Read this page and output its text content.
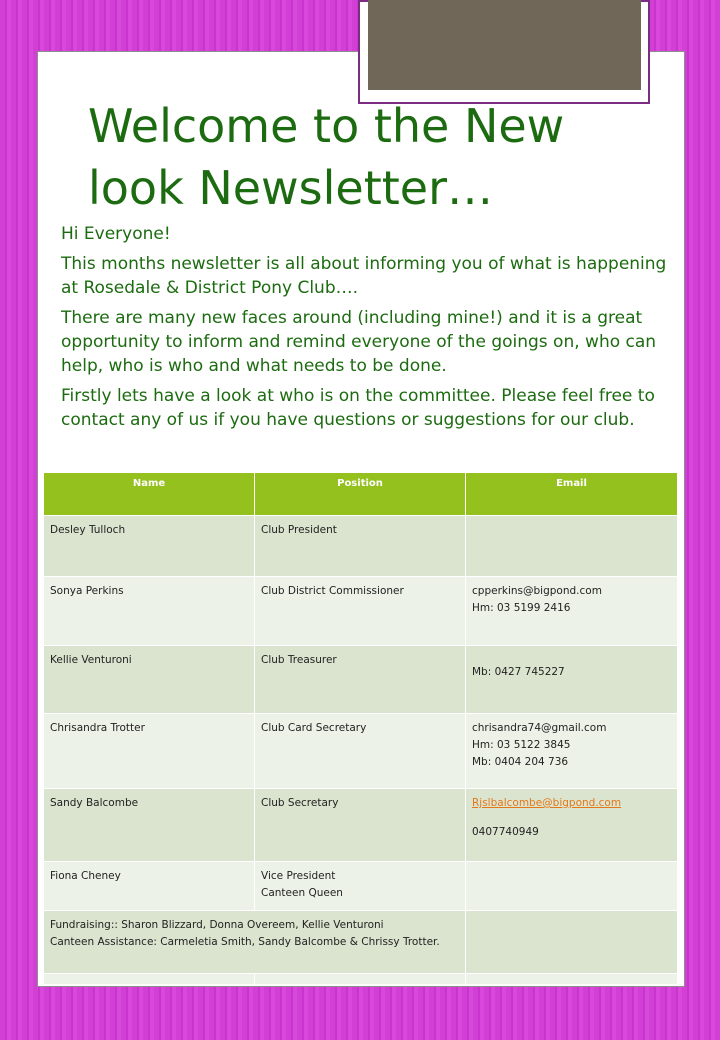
Welcome to the New look Newsletter…

Hi Everyone!

This months newsletter is all about informing you of what is happening at Rosedale & District Pony Club….

There are many new faces around (including mine!) and it is a great opportunity to inform and remind everyone of the goings on, who can help, who is who and what needs to be done.

Firstly lets have a look at who is on the committee. Please feel free to contact any of us if you have questions or suggestions for our club.

Name	Position	Email
Desley Tulloch	Club President	
Sonya Perkins	Club District Commissioner	cpperkins@bigpond.com
Hm: 03 5199 2416

Kellie Venturoni	Club Treasurer	Mb: 0427 745227

Chrisandra Trotter	Club Card Secretary	chrisandra74@gmail.com
Hm: 03 5122 3845
Mb: 0404 204 736

Sandy Balcombe	Club Secretary	Rjslbalcombe@bigpond.com
0407740949

Fiona Cheney	Vice President
Canteen Queen	

Fundraising:: Sharon Blizzard, Donna Overeem, Kellie Venturoni
Canteen Assistance: Carmeletia Smith, Sandy Balcombe & Chrissy Trotter.		
